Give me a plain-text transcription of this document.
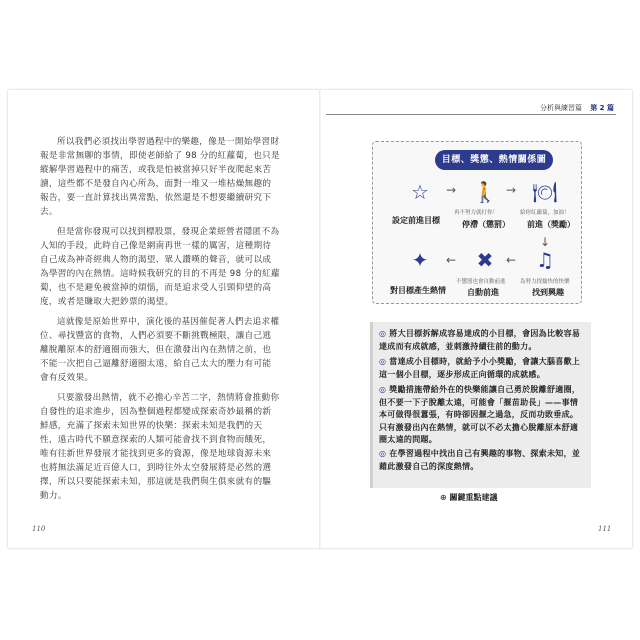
分析與練習篇 第 2 篇

所以我們必須找出學習過程中的樂趣，像是一開始學習財報是非常無聊的事情，即使老師給了 98 分的紅蘿蔔，也只是縱解學習過程中的痛苦，或我是怕被當掉只好半夜爬起來苦讀，這些都不是發自內心所為，面對一堆又一堆枯燥無趣的報告，要一直計算找出異常點，依然還是不想要繼續研究下去。

但是當你發現可以找到標股票，發現企業經營者隱匿不為人知的手段，此時自己像是網南再世一樣的厲害，這種期待自己成為神奇經典人物的渴望、眾人讚嘆的聲音，就可以成為學習的內在熱情。這時候我研究的目的不再是 98 分的紅蘿蔔，也不是避免被當掉的煩惱，而是追求受人引頸仰望的高度，或者是賺取大把鈔票的渴望。

這就像是原始世界中，演化後的基因催促著人們去追求權位、尋找豐富的食物，人們必須要不斷挑戰極限，讓自己逃離脫離原本的舒適圈而強大，但在激發出內在熱情之前，也不能一次把自己逼離舒適圈太遠，給自己太大的壓力有可能會有反效果。

只要激發出熱情，就不必擔心辛苦二字，熱情將會推動你自發性的追求進步，因為整個過程都變成探索奇妙最稱的新鮮感，充滿了探索未知世界的快樂：探索未知是我們的天性，遠古時代不願意探索的人類可能會找不到食物而餓死，唯有往新世界發展才能找到更多的資源，像是地球資源未來也將無法滿足近百億人口，到時往外太空發展將是必然的選擇，所以只要能探索未知，那這就是我們與生俱來就有的驅動力。

目標、獎懲、熱情關係圖
☆
設定前進目標
→ 🚶
再不努力就打你！
停滯（懲罰）
→ 🍽
給你紅蘿蔔，加油！
前進（獎勵）
↓
✦
對目標產生熱情
←	✖
不懲罰也會自動前進
自動前進
← ♫
為努力找愉快的快樂
找到興趣
◎ 將大目標拆解成容易達成的小目標，會因為比較容易達成而有成就感，並刺激持續往前的動力。
◎ 當達成小目標時，就給予小小獎勵，會讓大腦喜歡上這一個小目標，逐步形成正向循環的成就感。
◎ 獎勵措施帶給外在的快樂能讓自己勇於脫離舒適圈，但不要一下子脫離太遠，可能會「揠苗助長」——事情本可做得很囂張，有時卻因揠之過急，反而功敗垂成。只有激發出內在熱情，就可以不必太擔心脫離原本舒適圈太遠的問題。
◎ 在學習過程中找出自己有興趣的事物、探索未知，並藉此激發自己的深度熱情。
⊕ 關鍵重點建議
110	111
